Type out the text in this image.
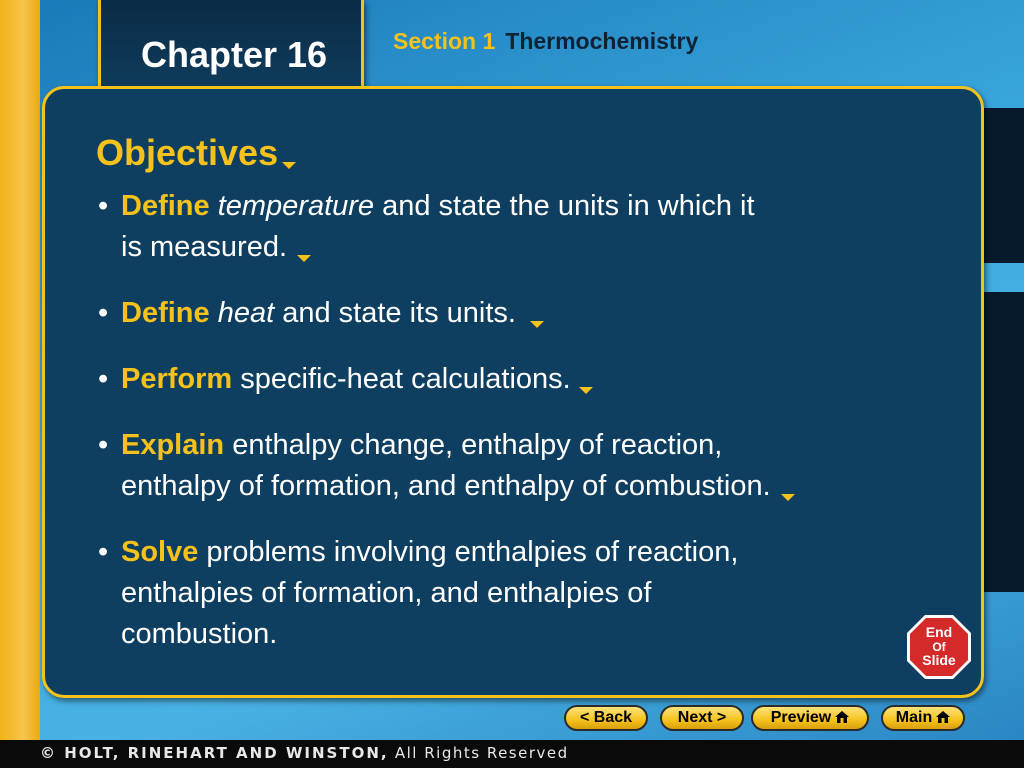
Chapter 16	Section 1 Thermochemistry
Objectives
• Define temperature and state the units in which it
is measured.
• Define heat and state its units.
• Perform specific-heat calculations.
• Explain enthalpy change, enthalpy of reaction,
enthalpy of formation, and enthalpy of combustion.
• Solve problems involving enthalpies of reaction,
enthalpies of formation, and enthalpies of
combustion.	End
Of
Slide
< Back	Next >	Preview	Main
© HOLT, RINEHART AND WINSTON, All Rights Reserved
